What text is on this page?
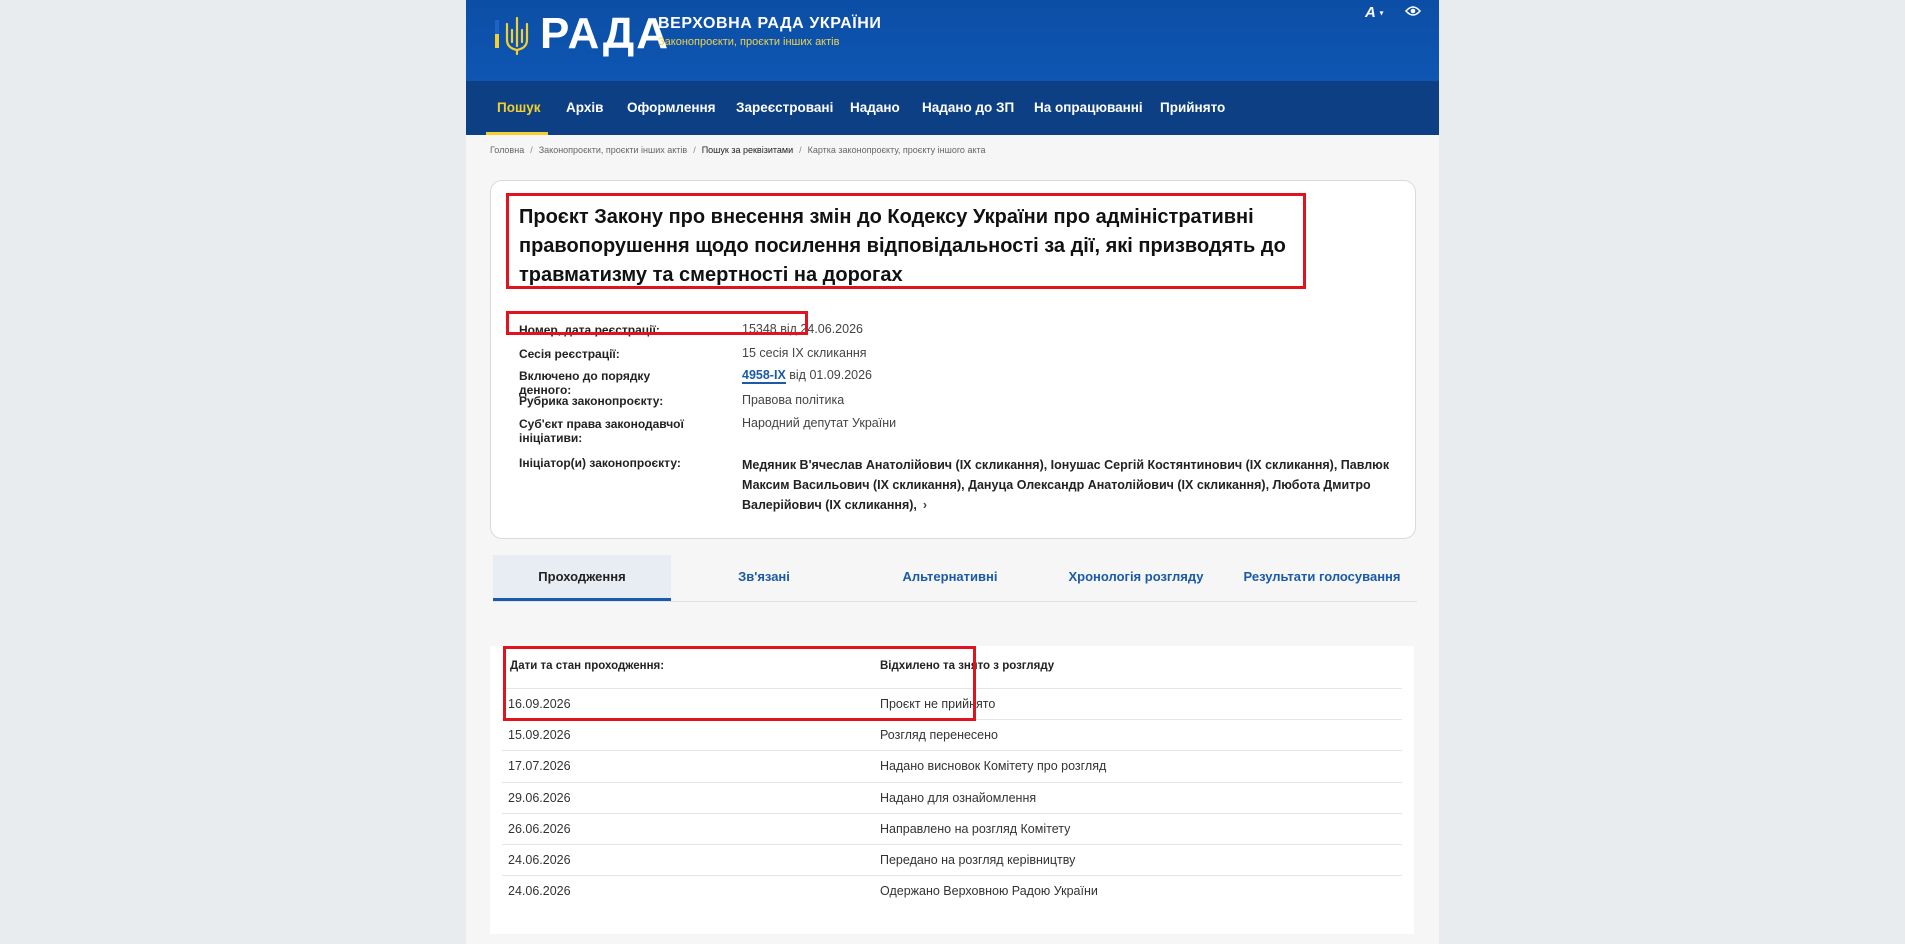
РАДА
ВЕРХОВНА РАДА УКРАЇНИ
Законопроєкти, проєкти інших актів
A ▾
Пошук Архів Оформлення Зареєстровані Надано Надано до ЗП На опрацюванні Прийнято
Головна / Законопроєкти, проєкти інших актів / Пошук за реквізитами / Картка законопроєкту, проєкту іншого акта
Проєкт Закону про внесення змін до Кодексу України про адміністративні правопорушення щодо посилення відповідальності за дії, які призводять до травматизму та смертності на дорогах
Номер, дата реєстрації:	15348 від 24.06.2026
Сесія реєстрації:	15 сесія IX скликання
Включено до порядку денного:
4958-IX від 01.09.2026
Рубрика законопроєкту:	Правова політика
Суб'єкт права законодавчої ініціативи:
Народний депутат України
Ініціатор(и) законопроєкту:	Медяник В'ячеслав Анатолійович (IX скликання), Іонушас Сергій Костянтинович (IX скликання), Павлюк Максим Васильович (IX скликання), Дануца Олександр Анатолійович (IX скликання), Любота Дмитро Валерійович (IX скликання), ›
Проходження	Зв'язані	Альтернативні	Хронологія розгляду	Результати голосування
Дати та стан проходження:	Відхилено та знято з розгляду
16.09.2026	Проєкт не прийнято
15.09.2026	Розгляд перенесено
17.07.2026	Надано висновок Комітету про розгляд
29.06.2026	Надано для ознайомлення
26.06.2026	Направлено на розгляд Комітету
24.06.2026	Передано на розгляд керівництву
24.06.2026	Одержано Верховною Радою України
